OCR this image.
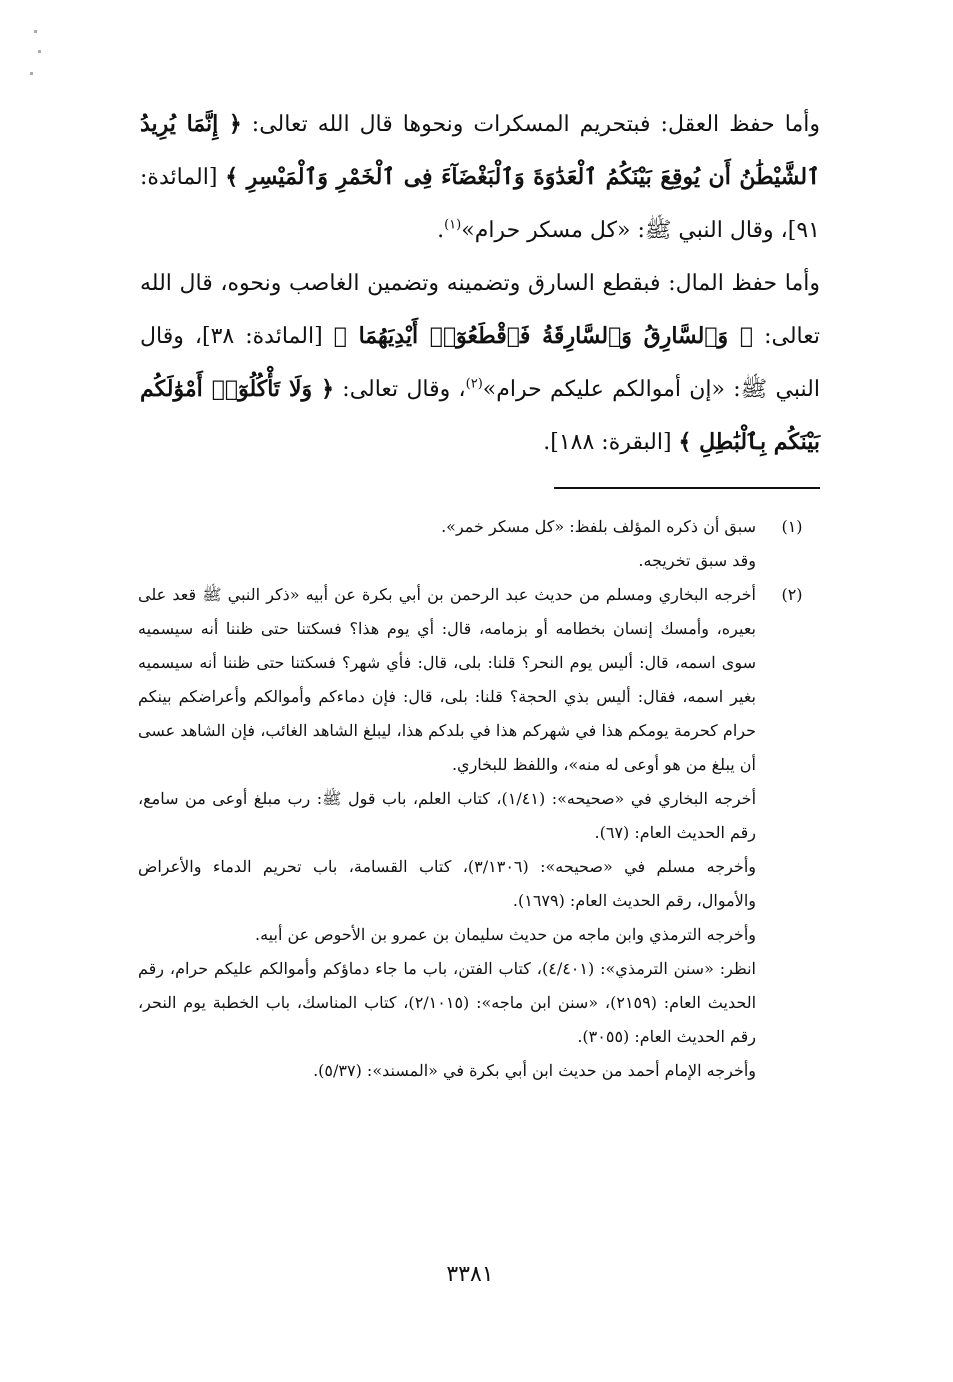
وأما حفظ العقل: فبتحريم المسكرات ونحوها قال الله تعالى: ﴿ إِنَّمَا يُرِيدُ ٱلشَّيْطَٰنُ أَن يُوقِعَ بَيْنَكُمُ ٱلْعَدَٰوَةَ وَٱلْبَغْضَآءَ فِى ٱلْخَمْرِ وَٱلْمَيْسِرِ ﴾ [المائدة: ٩١]، وقال النبي ﷺ: «كل مسكر حرام»$^{(١)}$.

وأما حفظ المال: فبقطع السارق وتضمينه وتضمين الغاصب ونحوه، قال الله تعالى: ﴿ وَٱلسَّارِقُ وَٱلسَّارِقَةُ فَٱقْطَعُوٓا۟ أَيْدِيَهُمَا ﴾ [المائدة: ٣٨]، وقال النبي ﷺ: «إن أموالكم عليكم حرام»$^{(٢)}$، وقال تعالى: ﴿ وَلَا تَأْكُلُوٓا۟ أَمْوَٰلَكُم بَيْنَكُم بِٱلْبَٰطِلِ ﴾ [البقرة: ١٨٨].

(١)
سبق أن ذكره المؤلف بلفظ: «كل مسكر خمر».
وقد سبق تخريجه.
(٢)
أخرجه البخاري ومسلم من حديث عبد الرحمن بن أبي بكرة عن أبيه «ذكر النبي ﷺ قعد على بعيره، وأمسك إنسان بخطامه أو بزمامه، قال: أي يوم هذا؟ فسكتنا حتى ظننا أنه سيسميه سوى اسمه، قال: أليس يوم النحر؟ قلنا: بلى، قال: فأي شهر؟ فسكتنا حتى ظننا أنه سيسميه بغير اسمه، فقال: أليس بذي الحجة؟ قلنا: بلى، قال: فإن دماءكم وأموالكم وأعراضكم بينكم حرام كحرمة يومكم هذا في شهركم هذا في بلدكم هذا، ليبلغ الشاهد الغائب، فإن الشاهد عسى أن يبلغ من هو أوعى له منه»، واللفظ للبخاري.
أخرجه البخاري في «صحيحه»: (١/٤١)، كتاب العلم، باب قول ﷺ: رب مبلغ أوعى من سامع، رقم الحديث العام: (٦٧).
وأخرجه مسلم في «صحيحه»: (٣/١٣٠٦)، كتاب القسامة، باب تحريم الدماء والأعراض والأموال، رقم الحديث العام: (١٦٧٩).
وأخرجه الترمذي وابن ماجه من حديث سليمان بن عمرو بن الأحوص عن أبيه.
انظر: «سنن الترمذي»: (٤/٤٠١)، كتاب الفتن، باب ما جاء دماؤكم وأموالكم عليكم حرام، رقم الحديث العام: (٢١٥٩)، «سنن ابن ماجه»: (٢/١٠١٥)، كتاب المناسك، باب الخطبة يوم النحر، رقم الحديث العام: (٣٠٥٥).
وأخرجه الإمام أحمد من حديث ابن أبي بكرة في «المسند»: (٥/٣٧).
٣٣٨١
